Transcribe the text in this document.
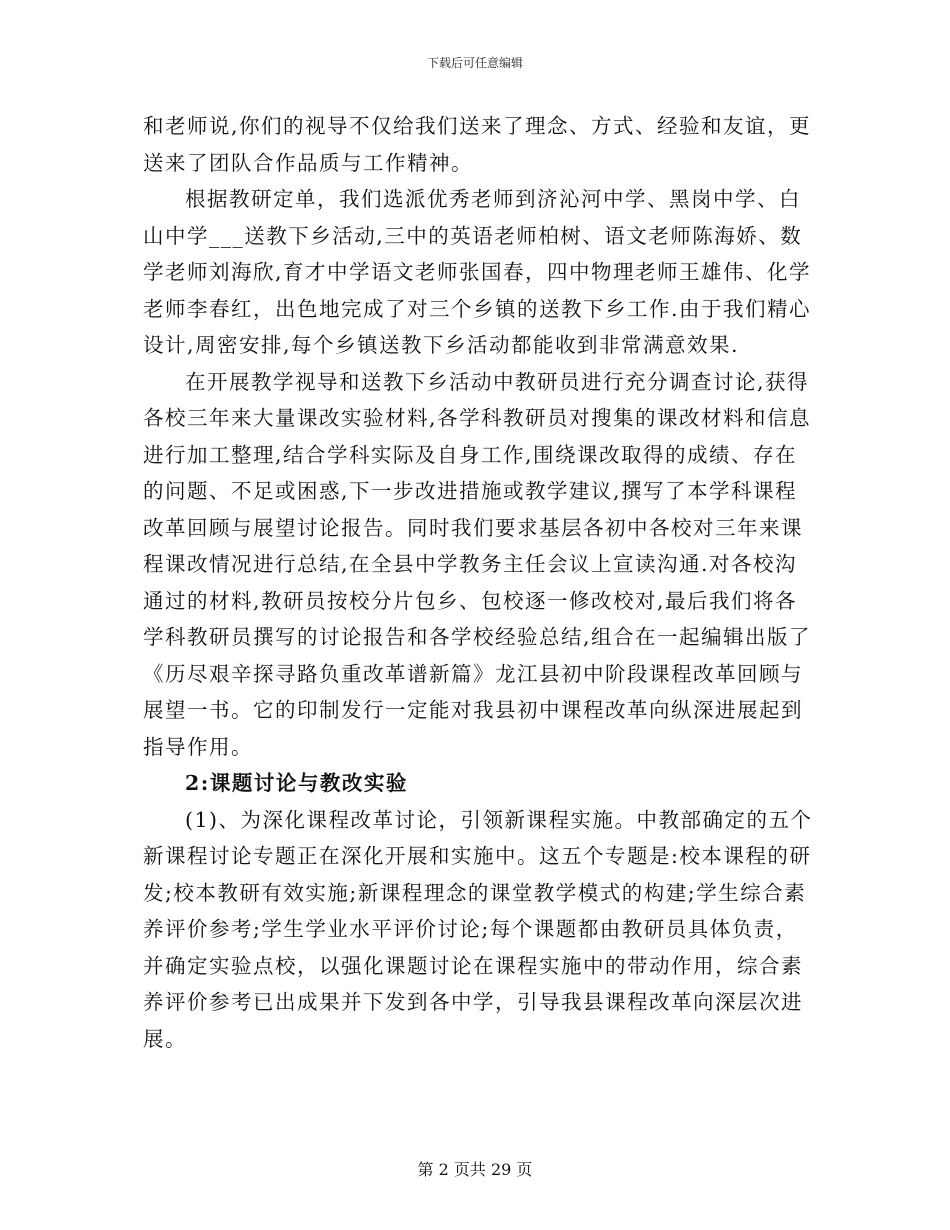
下载后可任意编辑
和老师说,你们的视导不仅给我们送来了理念、方式、经验和友谊，更
送来了团队合作品质与工作精神。
根据教研定单，我们选派优秀老师到济沁河中学、黑岗中学、白
山中学___送教下乡活动,三中的英语老师柏树、语文老师陈海娇、数
学老师刘海欣,育才中学语文老师张国春，四中物理老师王雄伟、化学
老师李春红，出色地完成了对三个乡镇的送教下乡工作.由于我们精心
设计,周密安排,每个乡镇送教下乡活动都能收到非常满意效果.
在开展教学视导和送教下乡活动中教研员进行充分调查讨论,获得
各校三年来大量课改实验材料,各学科教研员对搜集的课改材料和信息
进行加工整理,结合学科实际及自身工作,围绕课改取得的成绩、存在
的问题、不足或困惑,下一步改进措施或教学建议,撰写了本学科课程
改革回顾与展望讨论报告。同时我们要求基层各初中各校对三年来课
程课改情况进行总结,在全县中学教务主任会议上宣读沟通.对各校沟
通过的材料,教研员按校分片包乡、包校逐一修改校对,最后我们将各
学科教研员撰写的讨论报告和各学校经验总结,组合在一起编辑出版了
《历尽艰辛探寻路负重改革谱新篇》龙江县初中阶段课程改革回顾与
展望一书。它的印制发行一定能对我县初中课程改革向纵深进展起到
指导作用。
2:课题讨论与教改实验
(1)、为深化课程改革讨论，引领新课程实施。中教部确定的五个
新课程讨论专题正在深化开展和实施中。这五个专题是:校本课程的研
发;校本教研有效实施;新课程理念的课堂教学模式的构建;学生综合素
养评价参考;学生学业水平评价讨论;每个课题都由教研员具体负责，
并确定实验点校，以强化课题讨论在课程实施中的带动作用，综合素
养评价参考已出成果并下发到各中学，引导我县课程改革向深层次进
展。
第 2 页共 29 页
